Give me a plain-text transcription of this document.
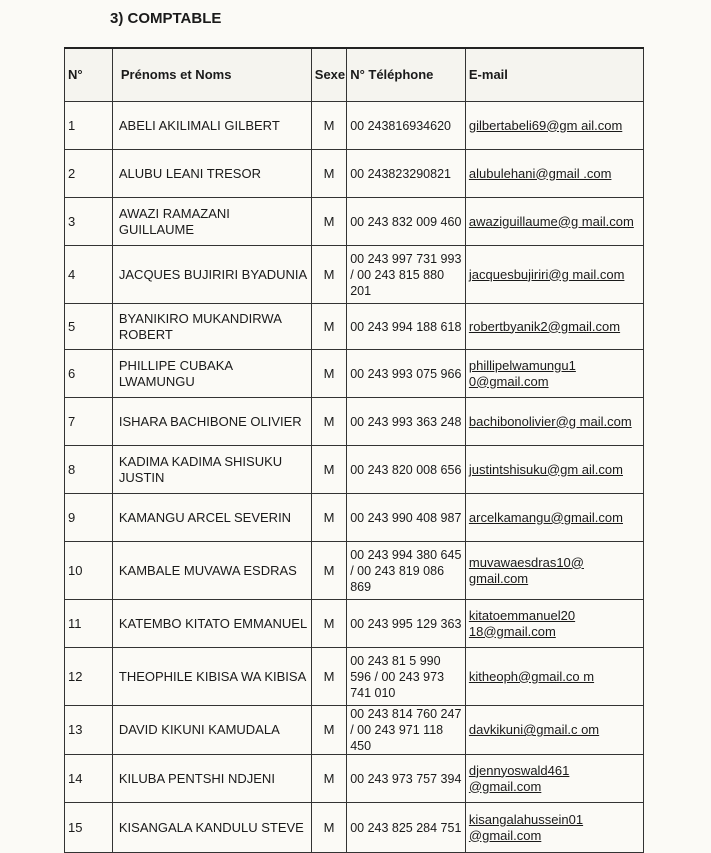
3) COMPTABLE
N°	Prénoms et Noms	Sexe	N° Téléphone	E-mail
1	ABELI AKILIMALI GILBERT	M	00 243816934620	gilbertabeli69@gm ail.com
2	ALUBU LEANI TRESOR	M	00 243823290821	alubulehani@gmail .com
3	AWAZI RAMAZANI GUILLAUME	M	00 243 832 009 460	awaziguillaume@g mail.com
4	JACQUES BUJIRIRI BYADUNIA	M	00 243 997 731 993 / 00 243 815 880 201	jacquesbujiriri@g mail.com
5	BYANIKIRO MUKANDIRWA ROBERT	M	00 243 994 188 618	robertbyanik2@gmail.com
6	PHILLIPE CUBAKA LWAMUNGU	M	00 243 993 075 966	phillipelwamungu1 0@gmail.com
7	ISHARA BACHIBONE OLIVIER	M	00 243 993 363 248	bachibonolivier@g mail.com
8	KADIMA KADIMA SHISUKU JUSTIN	M	00 243 820 008 656	justintshisuku@gm ail.com
9	KAMANGU ARCEL SEVERIN	M	00 243 990 408 987	arcelkamangu@gmail.com
10	KAMBALE MUVAWA ESDRAS	M	00 243 994 380 645 / 00 243 819 086 869	muvawaesdras10@ gmail.com
11	KATEMBO KITATO EMMANUEL	M	00 243 995 129 363	kitatoemmanuel20 18@gmail.com
12	THEOPHILE KIBISA WA KIBISA	M	00 243 81 5 990 596 / 00 243 973 741 010	kitheoph@gmail.co m
13	DAVID KIKUNI KAMUDALA	M	00 243 814 760 247 / 00 243 971 118 450	davkikuni@gmail.c om
14	KILUBA PENTSHI NDJENI	M	00 243 973 757 394	djennyoswald461 @gmail.com
15	KISANGALA KANDULU STEVE	M	00 243 825 284 751	kisangalahussein01 @gmail.com
